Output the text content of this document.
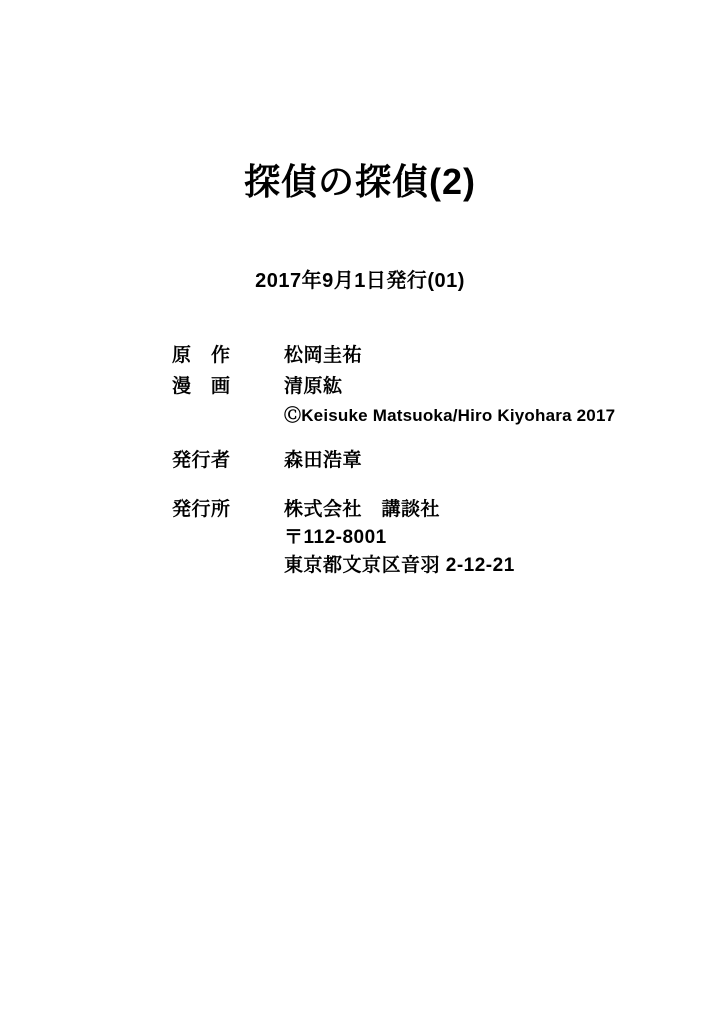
探偵の探偵(2)
2017年9月1日発行(01)
原　作	松岡圭祐
漫　画	清原紘
ⒸKeisuke Matsuoka/Hiro Kiyohara 2017
発行者	森田浩章
発行所	株式会社　講談社
〒112-8001
東京都文京区音羽 2-12-21
